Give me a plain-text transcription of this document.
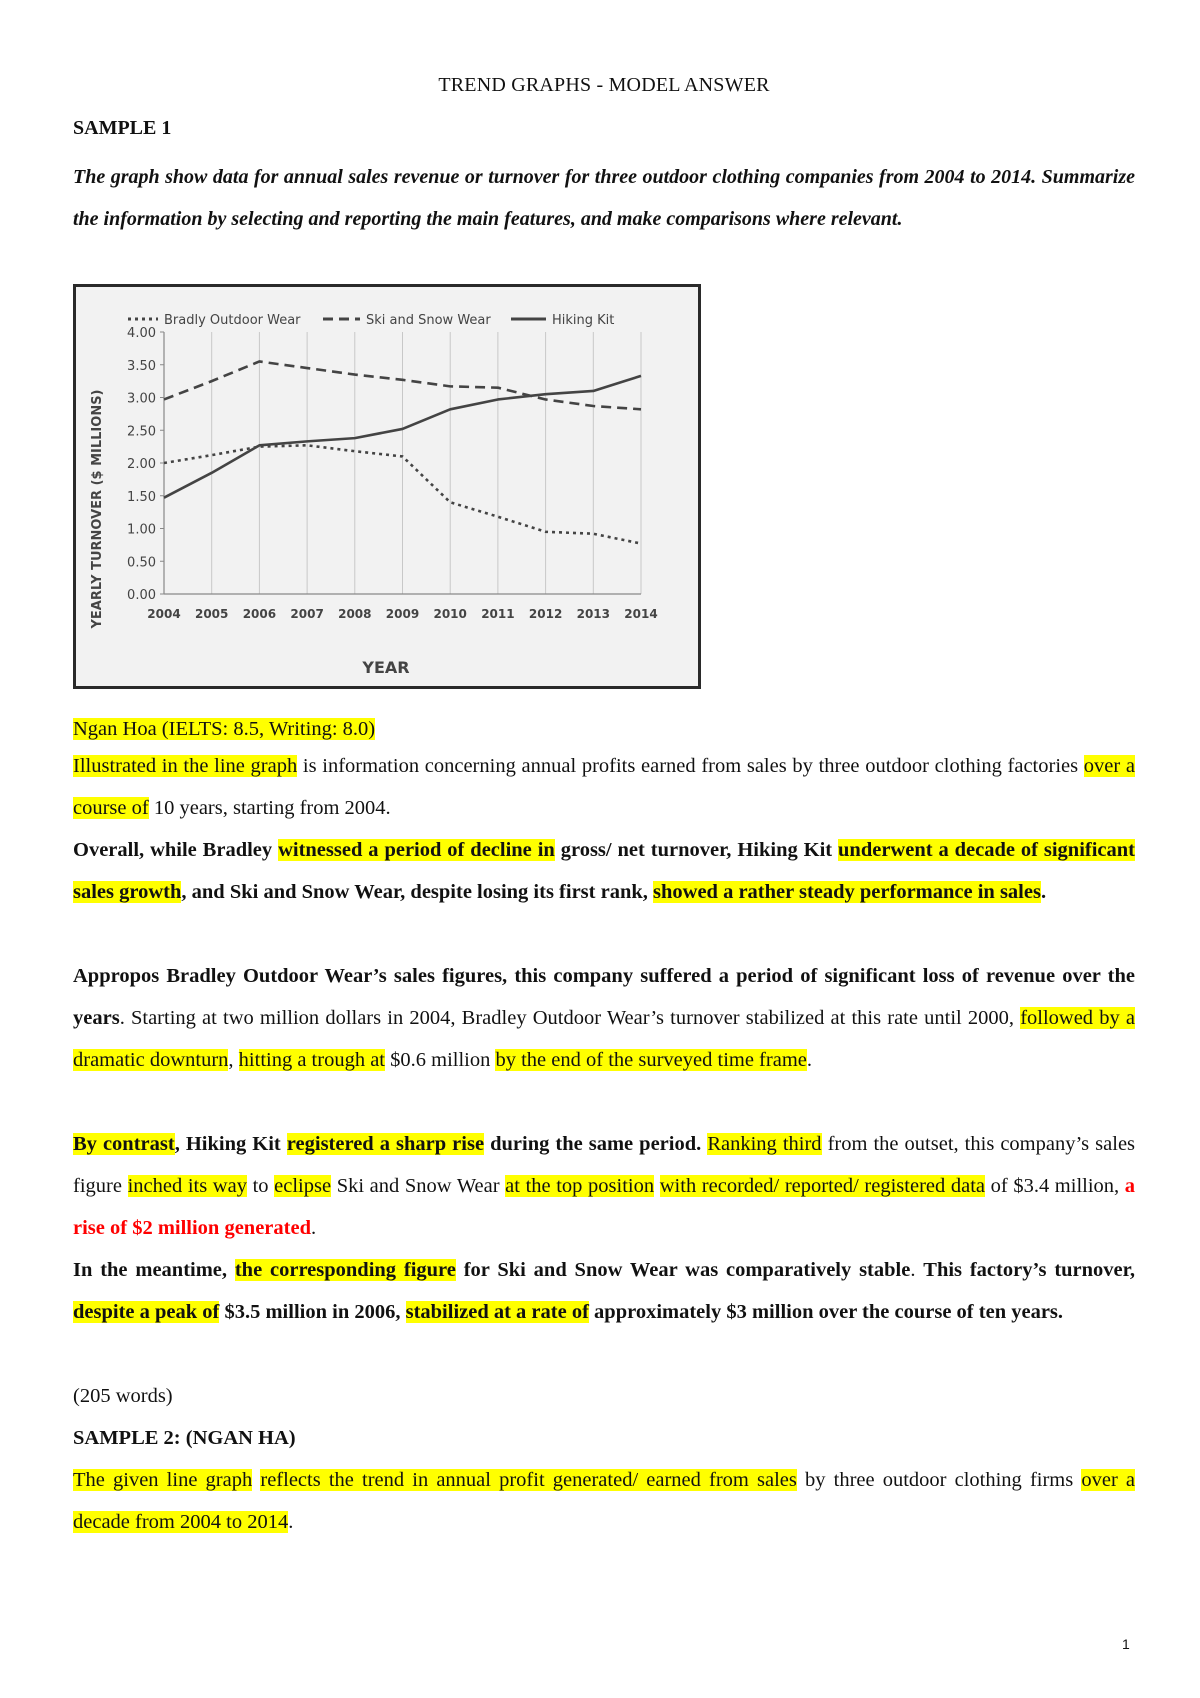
TREND GRAPHS - MODEL ANSWER
SAMPLE 1
The graph show data for annual sales revenue or turnover for three outdoor clothing companies from 2004 to 2014. Summarize the information by selecting and reporting the main features, and make comparisons where relevant.
Bradly Outdoor Wear	Ski and Snow Wear	Hiking Kit
0.00
0.50
1.00
1.50
2.00
2.50
3.00
3.50
4.00
2004 2005 2006 2007 2008 2009 2010 2011 2012 2013 2014
YEARLY TURNOVER ($ MILLIONS)
YEAR
Ngan Hoa (IELTS: 8.5, Writing: 8.0)
Illustrated in the line graph is information concerning annual profits earned from sales by three outdoor clothing factories over a course of 10 years, starting from 2004.
Overall, while Bradley witnessed a period of decline in gross/ net turnover, Hiking Kit underwent a decade of significant sales growth, and Ski and Snow Wear, despite losing its first rank, showed a rather steady performance in sales.
Appropos Bradley Outdoor Wear’s sales figures, this company suffered a period of significant loss of revenue over the years. Starting at two million dollars in 2004, Bradley Outdoor Wear’s turnover stabilized at this rate until 2000, followed by a dramatic downturn, hitting a trough at $0.6 million by the end of the surveyed time frame.
By contrast, Hiking Kit registered a sharp rise during the same period. Ranking third from the outset, this company’s sales figure inched its way to eclipse Ski and Snow Wear at the top position with recorded/ reported/ registered data of $3.4 million, a rise of $2 million generated.
In the meantime, the corresponding figure for Ski and Snow Wear was comparatively stable. This factory’s turnover, despite a peak of $3.5 million in 2006, stabilized at a rate of approximately $3 million over the course of ten years.
(205 words)
SAMPLE 2: (NGAN HA)
The given line graph reflects the trend in annual profit generated/ earned from sales by three outdoor clothing firms over a decade from 2004 to 2014.
1
